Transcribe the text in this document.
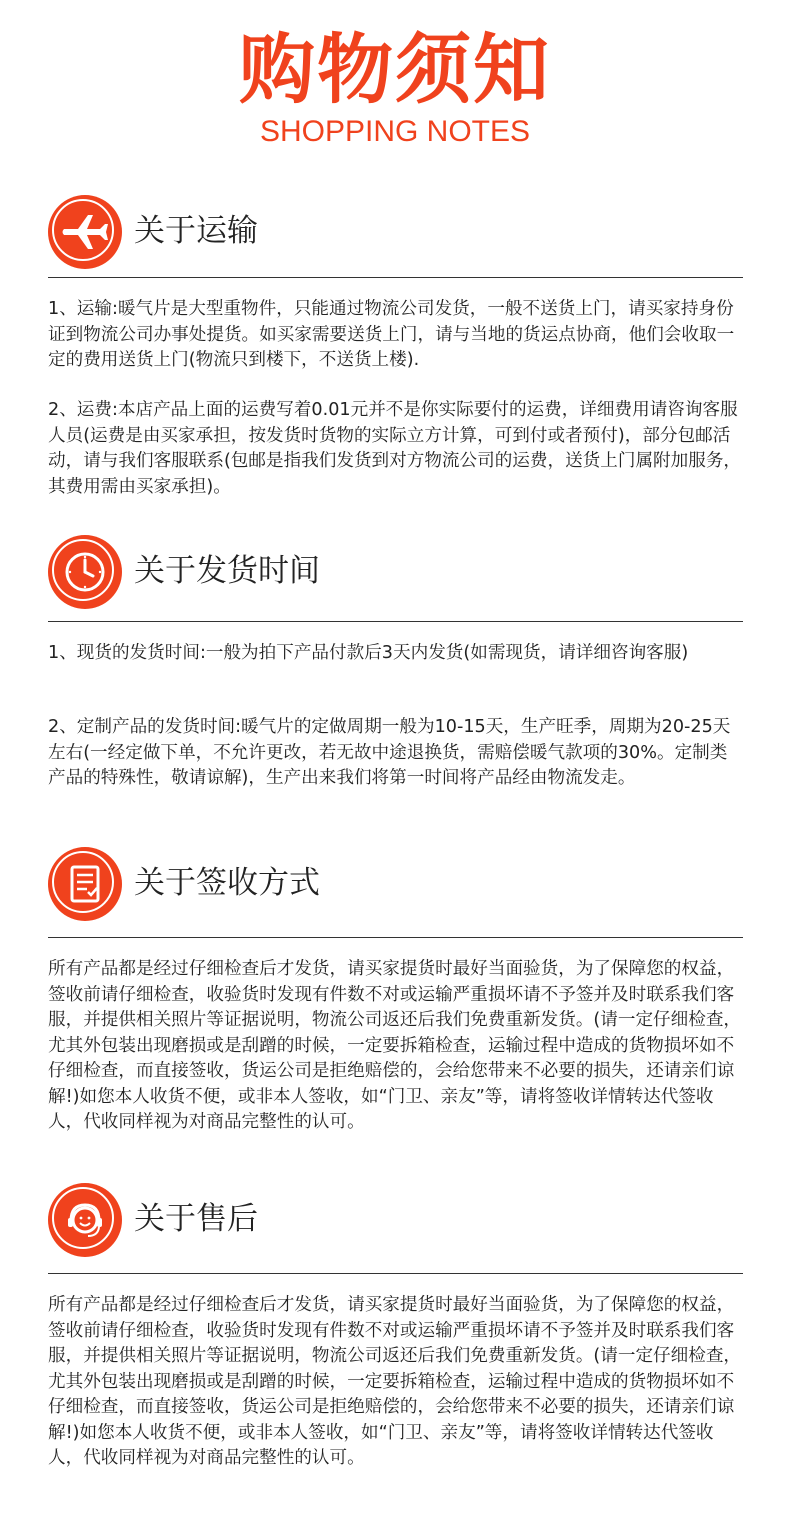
购物须知
SHOPPING NOTES
关于运输

1、运输:暖气片是大型重物件，只能通过物流公司发货，一般不送货上门，请买家持身份证到物流公司办事处提货。如买家需要送货上门，请与当地的货运点协商，他们会收取一定的费用送货上门(物流只到楼下，不送货上楼).

2、运费:本店产品上面的运费写着0.01元并不是你实际要付的运费，详细费用请咨询客服人员(运费是由买家承担，按发货时货物的实际立方计算，可到付或者预付)，部分包邮活动，请与我们客服联系(包邮是指我们发货到对方物流公司的运费，送货上门属附加服务，其费用需由买家承担)。

关于发货时间

1、现货的发货时间:一般为拍下产品付款后3天内发货(如需现货，请详细咨询客服)

2、定制产品的发货时间:暖气片的定做周期一般为10-15天，生产旺季，周期为20-25天左右(一经定做下单，不允许更改，若无故中途退换货，需赔偿暖气款项的30%。定制类产品的特殊性，敬请谅解)，生产出来我们将第一时间将产品经由物流发走。

关于签收方式

所有产品都是经过仔细检查后才发货，请买家提货时最好当面验货，为了保障您的权益，签收前请仔细检查，收验货时发现有件数不对或运输严重损坏请不予签并及时联系我们客服，并提供相关照片等证据说明，物流公司返还后我们免费重新发货。(请一定仔细检查，尤其外包装出现磨损或是刮蹭的时候，一定要拆箱检查，运输过程中造成的货物损坏如不仔细检查，而直接签收，货运公司是拒绝赔偿的，会给您带来不必要的损失，还请亲们谅解!)如您本人收货不便，或非本人签收，如“门卫、亲友”等，请将签收详情转达代签收人，代收同样视为对商品完整性的认可。

关于售后

所有产品都是经过仔细检查后才发货，请买家提货时最好当面验货，为了保障您的权益，签收前请仔细检查，收验货时发现有件数不对或运输严重损坏请不予签并及时联系我们客服，并提供相关照片等证据说明，物流公司返还后我们免费重新发货。(请一定仔细检查，尤其外包装出现磨损或是刮蹭的时候，一定要拆箱检查，运输过程中造成的货物损坏如不仔细检查，而直接签收，货运公司是拒绝赔偿的，会给您带来不必要的损失，还请亲们谅解!)如您本人收货不便，或非本人签收，如“门卫、亲友”等，请将签收详情转达代签收人，代收同样视为对商品完整性的认可。
